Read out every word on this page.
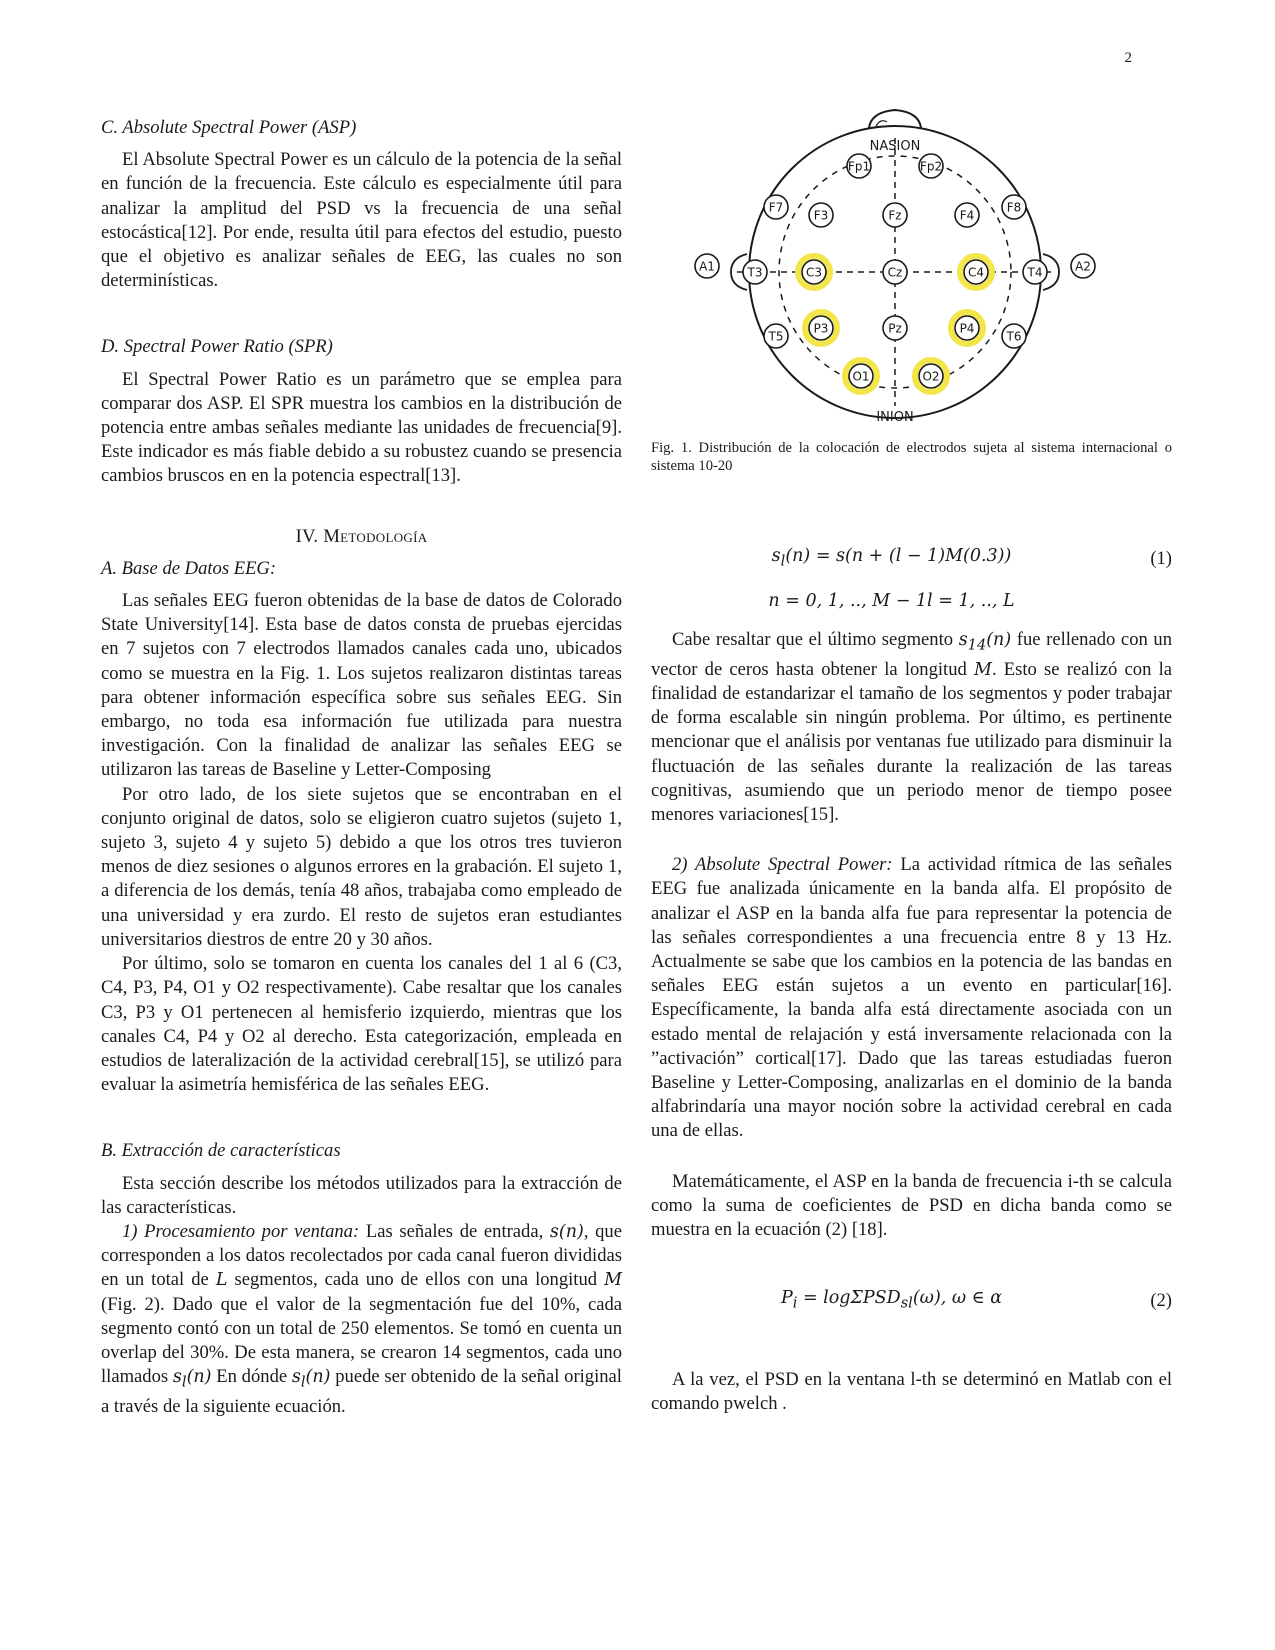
2
C. Absolute Spectral Power (ASP)

El Absolute Spectral Power es un cálculo de la potencia de la señal en función de la frecuencia. Este cálculo es especialmente útil para analizar la amplitud del PSD vs la frecuencia de una señal estocástica[12]. Por ende, resulta útil para efectos del estudio, puesto que el objetivo es analizar señales de EEG, las cuales no son determinísticas.

D. Spectral Power Ratio (SPR)

El Spectral Power Ratio es un parámetro que se emplea para comparar dos ASP. El SPR muestra los cambios en la distribución de potencia entre ambas señales mediante las unidades de frecuencia[9]. Este indicador es más fiable debido a su robustez cuando se presencia cambios bruscos en en la potencia espectral[13].

IV. Metodología
A. Base de Datos EEG:

Las señales EEG fueron obtenidas de la base de datos de Colorado State University[14]. Esta base de datos consta de pruebas ejercidas en 7 sujetos con 7 electrodos llamados canales cada uno, ubicados como se muestra en la Fig. 1. Los sujetos realizaron distintas tareas para obtener información específica sobre sus señales EEG. Sin embargo, no toda esa información fue utilizada para nuestra investigación. Con la finalidad de analizar las señales EEG se utilizaron las tareas de Baseline y Letter-Composing

Por otro lado, de los siete sujetos que se encontraban en el conjunto original de datos, solo se eligieron cuatro sujetos (sujeto 1, sujeto 3, sujeto 4 y sujeto 5) debido a que los otros tres tuvieron menos de diez sesiones o algunos errores en la grabación. El sujeto 1, a diferencia de los demás, tenía 48 años, trabajaba como empleado de una universidad y era zurdo. El resto de sujetos eran estudiantes universitarios diestros de entre 20 y 30 años.

Por último, solo se tomaron en cuenta los canales del 1 al 6 (C3, C4, P3, P4, O1 y O2 respectivamente). Cabe resaltar que los canales C3, P3 y O1 pertenecen al hemisferio izquierdo, mientras que los canales C4, P4 y O2 al derecho. Esta categorización, empleada en estudios de lateralización de la actividad cerebral[15], se utilizó para evaluar la asimetría hemisférica de las señales EEG.

B. Extracción de características

Esta sección describe los métodos utilizados para la extracción de las características.

1) Procesamiento por ventana: Las señales de entrada, s(n), que corresponden a los datos recolectados por cada canal fueron divididas en un total de L segmentos, cada uno de ellos con una longitud M (Fig. 2). Dado que el valor de la segmentación fue del 10%, cada segmento contó con un total de 250 elementos. Se tomó en cuenta un overlap del 30%. De esta manera, se crearon 14 segmentos, cada uno llamados $s_l(n)$ En dónde $s_l(n)$ puede ser obtenido de la señal original a través de la siguiente ecuación.

Fp1	Fp2
F7
F3	Fz	F4
F8
A1	T3	C3	Cz	C4	T4	A2
T5
P3	Pz	P4
T6
O1	O2
NASION
INION

Fig. 1. Distribución de la colocación de electrodos sujeta al sistema internacional o sistema 10-20

$s_l(n) = s(n + (l - 1)M(0.3))$	(1)
n = 0, 1, .., M − 1l = 1, .., L

Cabe resaltar que el último segmento $s_{14}(n)$ fue rellenado con un vector de ceros hasta obtener la longitud M. Esto se realizó con la finalidad de estandarizar el tamaño de los segmentos y poder trabajar de forma escalable sin ningún problema. Por último, es pertinente mencionar que el análisis por ventanas fue utilizado para disminuir la fluctuación de las señales durante la realización de las tareas cognitivas, asumiendo que un periodo menor de tiempo posee menores variaciones[15].

2) Absolute Spectral Power: La actividad rítmica de las señales EEG fue analizada únicamente en la banda alfa. El propósito de analizar el ASP en la banda alfa fue para representar la potencia de las señales correspondientes a una frecuencia entre 8 y 13 Hz. Actualmente se sabe que los cambios en la potencia de las bandas en señales EEG están sujetos a un evento en particular[16]. Específicamente, la banda alfa está directamente asociada con un estado mental de relajación y está inversamente relacionada con la ”activación” cortical[17]. Dado que las tareas estudiadas fueron Baseline y Letter-Composing, analizarlas en el dominio de la banda alfabrindaría una mayor noción sobre la actividad cerebral en cada una de ellas.

Matemáticamente, el ASP en la banda de frecuencia i-th se calcula como la suma de coeficientes de PSD en dicha banda como se muestra en la ecuación (2) [18].

$P_i = \log\Sigma PSD_{sl}(\omega)$, ω ∈ α	(2)

A la vez, el PSD en la ventana l-th se determinó en Matlab con el comando pwelch .
